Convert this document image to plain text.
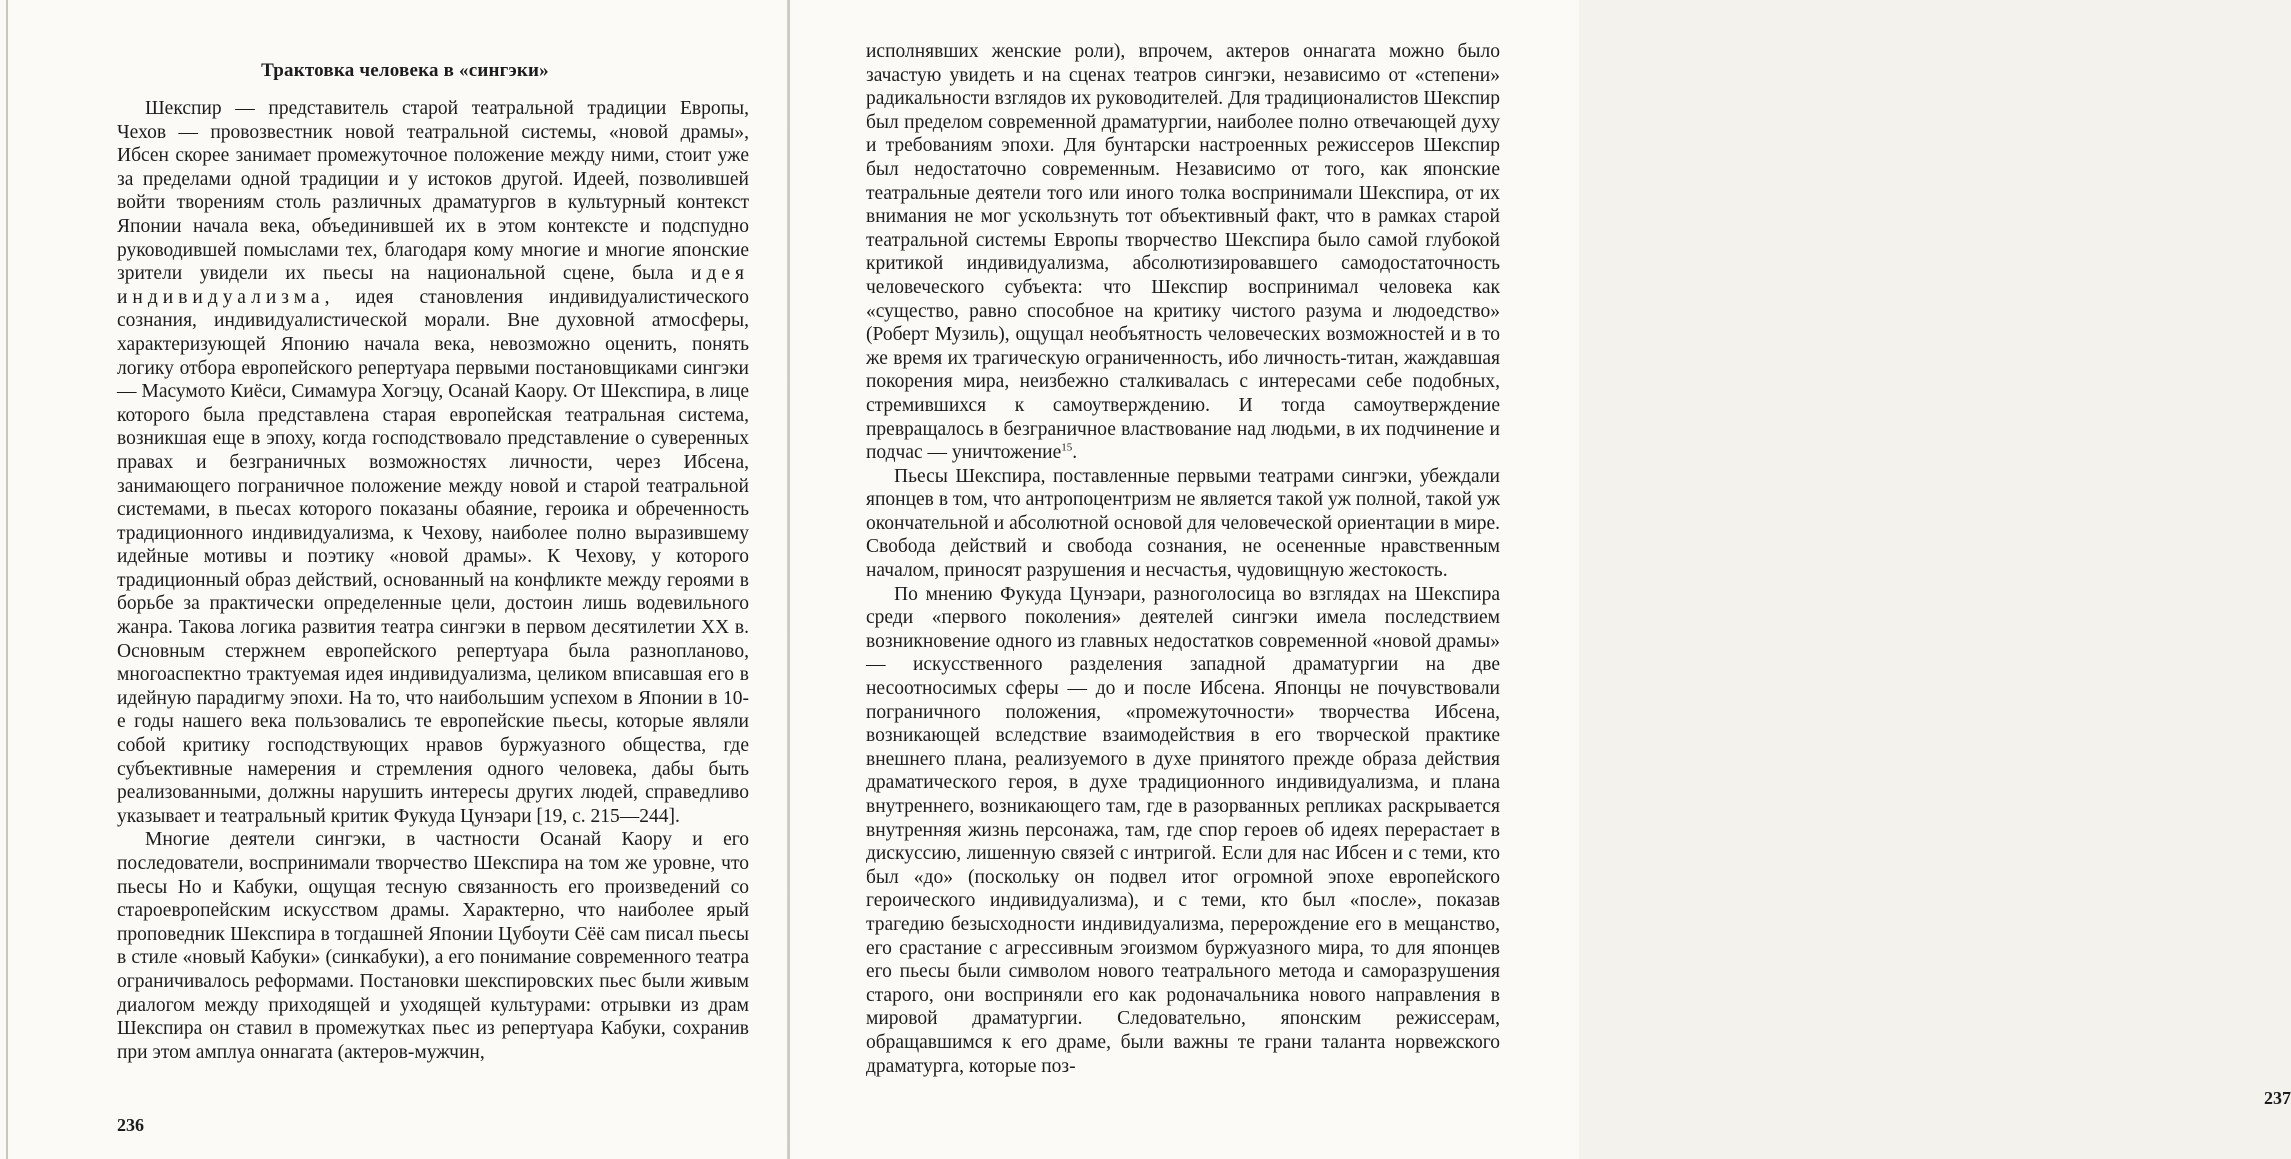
Трактовка человека в «сингэки»

Шекспир — представитель старой театральной традиции Европы, Чехов — провозвестник новой театральной системы, «новой драмы», Ибсен скорее занимает промежуточное положение между ними, стоит уже за пределами одной традиции и у истоков другой. Идеей, позволившей войти творениям столь различных драматургов в культурный контекст Японии начала века, объединившей их в этом контексте и подспудно руководившей помыслами тех, благодаря кому многие и многие японские зрители увидели их пьесы на национальной сцене, была идея индивидуализма, идея становления индивидуалистического сознания, индивидуалистической морали. Вне духовной атмосферы, характеризующей Японию начала века, невозможно оценить, понять логику отбора европейского репертуара первыми постановщиками сингэки — Масумото Киёси, Симамура Хогэцу, Осанай Каору. От Шекспира, в лице которого была представлена старая европейская театральная система, возникшая еще в эпоху, когда господствовало представление о суверенных правах и безграничных возможностях личности, через Ибсена, занимающего пограничное положение между новой и старой театральной системами, в пьесах которого показаны обаяние, героика и обреченность традиционного индивидуализма, к Чехову, наиболее полно выразившему идейные мотивы и поэтику «новой драмы». К Чехову, у которого традиционный образ действий, основанный на конфликте между героями в борьбе за практически определенные цели, достоин лишь водевильного жанра. Такова логика развития театра сингэки в первом десятилетии XX в. Основным стержнем европейского репертуара была разнопланово, многоаспектно трактуемая идея индивидуализма, целиком вписавшая его в идейную парадигму эпохи. На то, что наибольшим успехом в Японии в 10-е годы нашего века пользовались те европейские пьесы, которые являли собой критику господствующих нравов буржуазного общества, где субъективные намерения и стремления одного человека, дабы быть реализованными, должны нарушить интересы других людей, справедливо указывает и театральный критик Фукуда Цунэари [19, с. 215—244].

Многие деятели сингэки, в частности Осанай Каору и его последователи, воспринимали творчество Шекспира на том же уровне, что пьесы Но и Кабуки, ощущая тесную связанность его произведений со староевропейским искусством драмы. Характерно, что наиболее ярый проповедник Шекспира в тогдашней Японии Цубоути Сёё сам писал пьесы в стиле «новый Кабуки» (синкабуки), а его понимание современного театра ограничивалось реформами. Постановки шекспировских пьес были живым диалогом между приходящей и уходящей культурами: отрывки из драм Шекспира он ставил в промежутках пьес из репертуара Кабуки, сохранив при этом амплуа оннагата (актеров-мужчин,

236
237

исполнявших женские роли), впрочем, актеров оннагата можно было зачастую увидеть и на сценах театров сингэки, независимо от «степени» радикальности взглядов их руководителей. Для традиционалистов Шекспир был пределом современной драматургии, наиболее полно отвечающей духу и требованиям эпохи. Для бунтарски настроенных режиссеров Шекспир был недостаточно современным. Независимо от того, как японские театральные деятели того или иного толка воспринимали Шекспира, от их внимания не мог ускользнуть тот объективный факт, что в рамках старой театральной системы Европы творчество Шекспира было самой глубокой критикой индивидуализма, абсолютизировавшего самодостаточность человеческого субъекта: что Шекспир воспринимал человека как «существо, равно способное на критику чистого разума и людоедство» (Роберт Музиль), ощущал необъятность человеческих возможностей и в то же время их трагическую ограниченность, ибо личность-титан, жаждавшая покорения мира, неизбежно сталкивалась с интересами себе подобных, стремившихся к самоутверждению. И тогда самоутверждение превращалось в безграничное властвование над людьми, в их подчинение и подчас — уничтожение$^{15}$.

Пьесы Шекспира, поставленные первыми театрами сингэки, убеждали японцев в том, что антропоцентризм не является такой уж полной, такой уж окончательной и абсолютной основой для человеческой ориентации в мире. Свобода действий и свобода сознания, не осененные нравственным началом, приносят разрушения и несчастья, чудовищную жестокость.

По мнению Фукуда Цунэари, разноголосица во взглядах на Шекспира среди «первого поколения» деятелей сингэки имела последствием возникновение одного из главных недостатков современной «новой драмы» — искусственного разделения западной драматургии на две несоотносимых сферы — до и после Ибсена. Японцы не почувствовали пограничного положения, «промежуточности» творчества Ибсена, возникающей вследствие взаимодействия в его творческой практике внешнего плана, реализуемого в духе принятого прежде образа действия драматического героя, в духе традиционного индивидуализма, и плана внутреннего, возникающего там, где в разорванных репликах раскрывается внутренняя жизнь персонажа, там, где спор героев об идеях перерастает в дискуссию, лишенную связей с интригой. Если для нас Ибсен и с теми, кто был «до» (поскольку он подвел итог огромной эпохе европейского героического индивидуализма), и с теми, кто был «после», показав трагедию безысходности индивидуализма, перерождение его в мещанство, его срастание с агрессивным эгоизмом буржуазного мира, то для японцев его пьесы были символом нового театрального метода и саморазрушения старого, они восприняли его как родоначальника нового направления в мировой драматургии. Следовательно, японским режиссерам, обращавшимся к его драме, были важны те грани таланта норвежского драматурга, которые поз-
